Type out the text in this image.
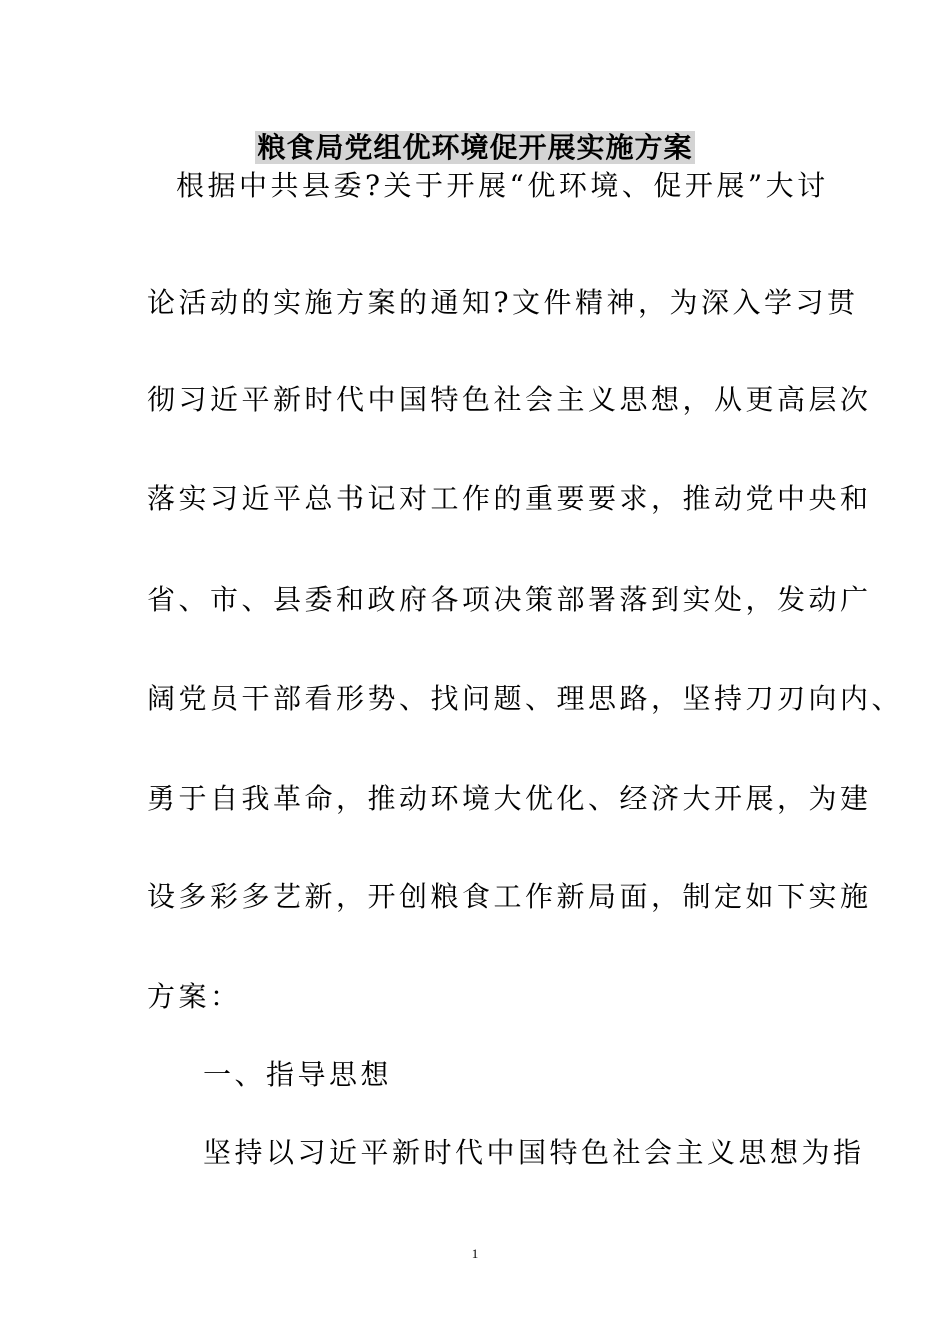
粮食局党组优环境促开展实施方案
根据中共县委?关于开展“优环境、促开展”大讨
论活动的实施方案的通知?文件精神，为深入学习贯
彻习近平新时代中国特色社会主义思想，从更高层次
落实习近平总书记对工作的重要要求，推动党中央和
省、市、县委和政府各项决策部署落到实处，发动广
阔党员干部看形势、找问题、理思路，坚持刀刃向内、
勇于自我革命，推动环境大优化、经济大开展，为建
设多彩多艺新，开创粮食工作新局面，制定如下实施
方案：
一、指导思想
坚持以习近平新时代中国特色社会主义思想为指
1
